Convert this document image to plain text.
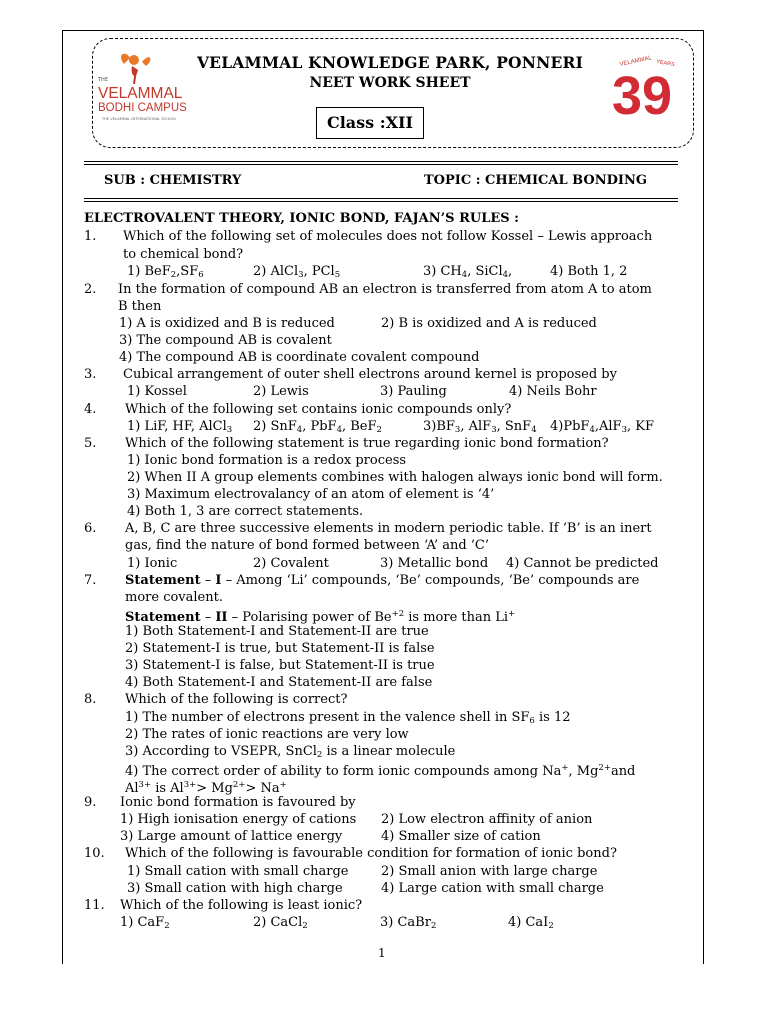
THE
VELAMMAL
BODHI CAMPUS
THE VELAMMAL INTERNATIONAL SCHOOL
VELAMMAL YEARS
39
VELAMMAL KNOWLEDGE PARK, PONNERI
NEET WORK SHEET
Class :XII
SUB : CHEMISTRY	TOPIC : CHEMICAL BONDING
ELECTROVALENT THEORY, IONIC BOND, FAJAN’S RULES :
1. Which of the following set of molecules does not follow Kossel – Lewis approach
to chemical bond?
1) $BeF_2,SF_6$	2) AlCl$_3$, PCl$_5$	3) $CH_4$, SiCl$_4$,	4) Both 1, 2
2. In the formation of compound AB an electron is transferred from atom A to atom
B then
1) A is oxidized and B is reduced	2) B is oxidized and A is reduced
3) The compound AB is covalent
4) The compound AB is coordinate covalent compound
3. Cubical arrangement of outer shell electrons around kernel is proposed by
1) Kossel	2) Lewis	3) Pauling	4) Neils Bohr
4. Which of the following set contains ionic compounds only?
1) LiF, HF, AlCl$_3$ 2) SnF$_4$, PbF$_4$, BeF$_2$	$3)BF_3$, AlF$_3$, SnF$_4$ 4)PbF$_4$,AlF$_3$, KF
5. Which of the following statement is true regarding ionic bond formation?
1) Ionic bond formation is a redox process
2) When II A group elements combines with halogen always ionic bond will form.
3) Maximum electrovalancy of an atom of element is ‘4’
4) Both 1, 3 are correct statements.
6. A, B, C are three successive elements in modern periodic table. If ‘B’ is an inert
gas, find the nature of bond formed between ‘A’ and ‘C’
1) Ionic	2) Covalent	3) Metallic bond 4) Cannot be predicted
7. Statement – I – Among ‘Li’ compounds, ‘Be’ compounds, ‘Be’ compounds are
more covalent.
Statement – II – Polarising power of $Be^{+2}$ is more than Li+
1) Both Statement-I and Statement-II are true
2) Statement-I is true, but Statement-II is false
3) Statement-I is false, but Statement-II is true
4) Both Statement-I and Statement-II are false
8. Which of the following is correct?
1) The number of electrons present in the valence shell in $SF_6$ is 12
2) The rates of ionic reactions are very low
3) According to VSEPR, SnCl$_2$ is a linear molecule
4) The correct order of ability to form ionic compounds among Na+, $Mg^{2+}and$
$Al^{3+}$ is $Al^{3+}> Mg^{2+}> Na^+$
9. Ionic bond formation is favoured by
1) High ionisation energy of cations 2) Low electron affinity of anion
3) Large amount of lattice energy	4) Smaller size of cation
10. Which of the following is favourable condition for formation of ionic bond?
1) Small cation with small charge	2) Small anion with large charge
3) Small cation with high charge	4) Large cation with small charge
11. Which of the following is least ionic?
1) CaF$_2$	2) CaCl$_2$	3) CaBr$_2$	4) CaI$_2$
1
